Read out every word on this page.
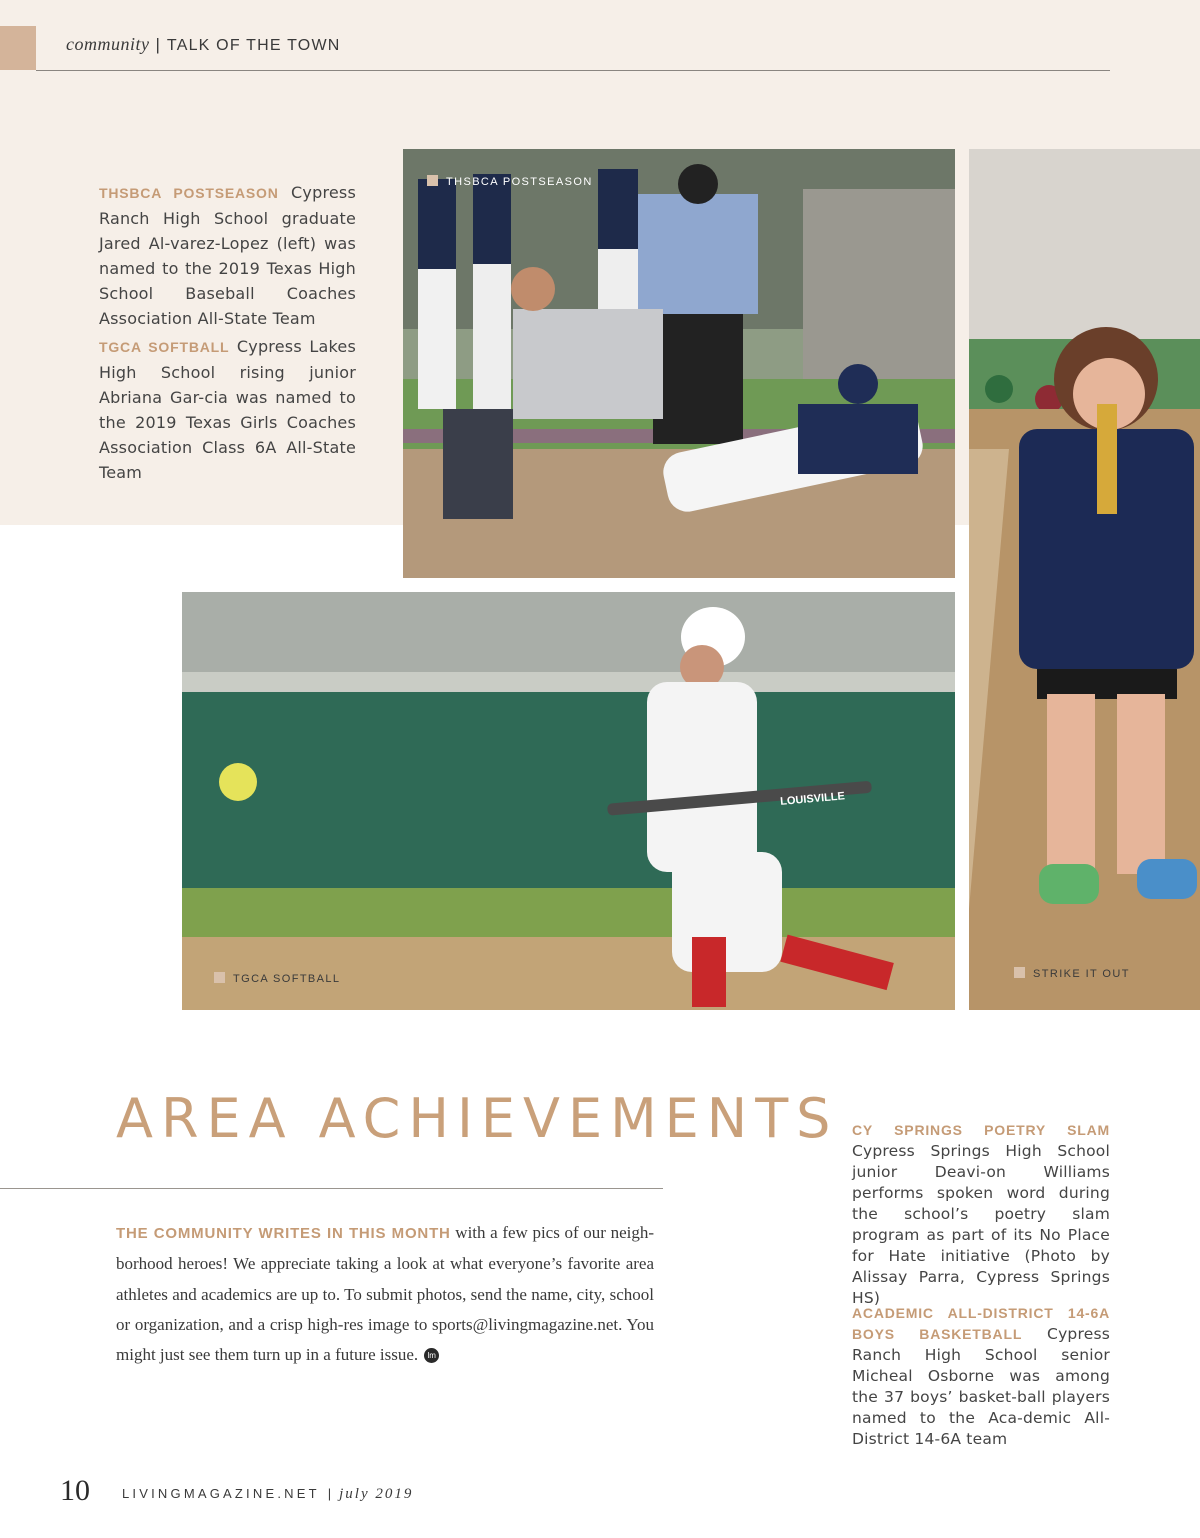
community | TALK OF THE TOWN
THSBCA POSTSEASON Cypress Ranch High School graduate Jared Al-varez-Lopez (left) was named to the 2019 Texas High School Baseball Coaches Association All-State Team
TGCA SOFTBALL Cypress Lakes High School rising junior Abriana Gar-cia was named to the 2019 Texas Girls Coaches Association Class 6A All-State Team
THSBCA POSTSEASON
STRIKE IT OUT
LOUISVILLE
TGCA SOFTBALL
AREA ACHIEVEMENTS
THE COMMUNITY WRITES IN THIS MONTH with a few pics of our neigh-borhood heroes! We appreciate taking a look at what everyone’s favorite area athletes and academics are up to. To submit photos, send the name, city, school or organization, and a crisp high-res image to sports@livingmagazine.net. You might just see them turn up in a future issue. lm
CY SPRINGS POETRY SLAM Cypress Springs High School junior Deavi-on Williams performs spoken word during the school’s poetry slam program as part of its No Place for Hate initiative (Photo by Alissay Parra, Cypress Springs HS)
ACADEMIC ALL-DISTRICT 14-6A BOYS BASKETBALL Cypress Ranch High School senior Micheal Osborne was among the 37 boys’ basket-ball players named to the Aca-demic All-District 14-6A team
10 LIVINGMAGAZINE.NET | july 2019
